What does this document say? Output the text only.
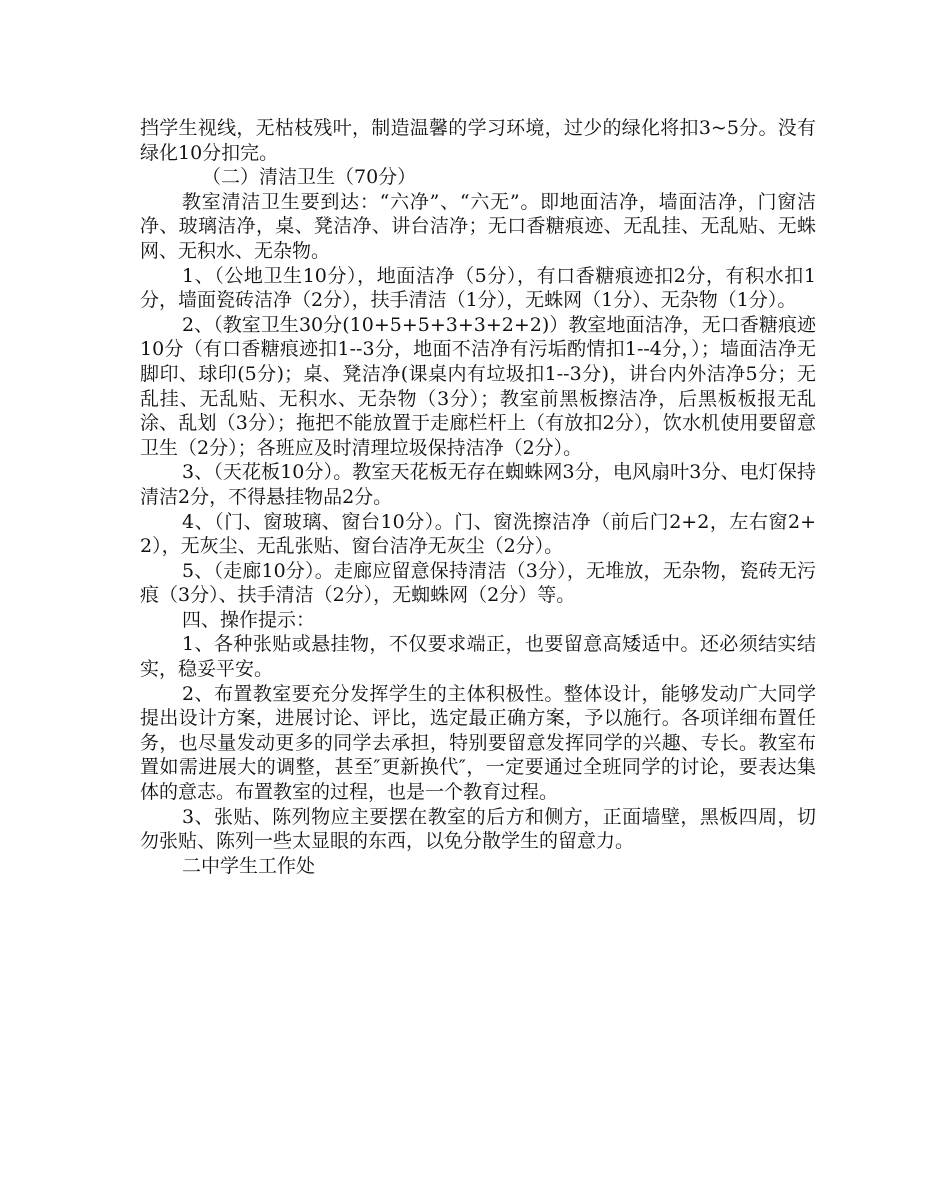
挡学生视线，无枯枝残叶，制造温馨的学习环境，过少的绿化将扣3~5分。没有绿化10分扣完。

（二）清洁卫生（70分）

教室清洁卫生要到达：“六净”、“六无”。即地面洁净，墙面洁净，门窗洁净、玻璃洁净，桌、凳洁净、讲台洁净；无口香糖痕迹、无乱挂、无乱贴、无蛛网、无积水、无杂物。

1、（公地卫生10分），地面洁净（5分），有口香糖痕迹扣2分，有积水扣1分，墙面瓷砖洁净（2分），扶手清洁（1分），无蛛网（1分）、无杂物（1分）。

2、（教室卫生30分(10+5+5+3+3+2+2)）教室地面洁净，无口香糖痕迹10分（有口香糖痕迹扣1--3分，地面不洁净有污垢酌情扣1--4分，）；墙面洁净无脚印、球印(5分)；桌、凳洁净(课桌内有垃圾扣1--3分)，讲台内外洁净5分；无乱挂、无乱贴、无积水、无杂物（3分）；教室前黑板擦洁净，后黑板板报无乱涂、乱划（3分）；拖把不能放置于走廊栏杆上（有放扣2分），饮水机使用要留意卫生（2分）；各班应及时清理垃圾保持洁净（2分）。

3、（天花板10分）。教室天花板无存在蜘蛛网3分，电风扇叶3分、电灯保持清洁2分，不得悬挂物品2分。

4、（门、窗玻璃、窗台10分）。门、窗洗擦洁净（前后门2+2，左右窗2+2），无灰尘、无乱张贴、窗台洁净无灰尘（2分）。

5、（走廊10分）。走廊应留意保持清洁（3分），无堆放，无杂物，瓷砖无污痕（3分）、扶手清洁（2分），无蜘蛛网（2分）等。

四、操作提示：

1、各种张贴或悬挂物，不仅要求端正，也要留意高矮适中。还必须结实结实，稳妥平安。

2、布置教室要充分发挥学生的主体积极性。整体设计，能够发动广大同学提出设计方案，进展讨论、评比，选定最正确方案，予以施行。各项详细布置任务，也尽量发动更多的同学去承担，特别要留意发挥同学的兴趣、专长。教室布置如需进展大的调整，甚至″更新换代″，一定要通过全班同学的讨论，要表达集体的意志。布置教室的过程，也是一个教育过程。

3、张贴、陈列物应主要摆在教室的后方和侧方，正面墙壁，黑板四周，切勿张贴、陈列一些太显眼的东西，以免分散学生的留意力。

二中学生工作处
